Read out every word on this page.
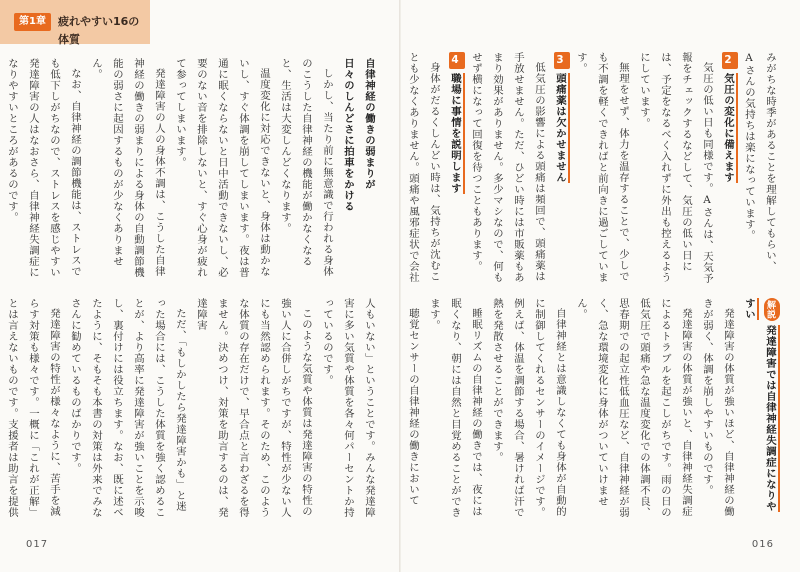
第1章	疲れやすい16の体質

自律神経の働きの弱まりが

日々のしんどさに拍車をかける

しかし、当たり前に無意識で行われる身体のこうした自律神経の機能が働かなくなると、生活は大変しんどくなります。

温度変化に対応できないと、身体は動かないし、すぐ体調を崩してしまいます。夜は普通に眠くならないと日中活動できないし、必要のない音を排除しないと、すぐ心身が疲れて参ってしまいます。

発達障害の人の身体不調は、こうした自律神経の働きの弱まりによる身体の自動調節機能の弱さに起因するものが少なくありません。

なお、自律神経の調節機能は、ストレスでも低下しがちなので、ストレスを感じやすい発達障害の人はなおさら、自律神経失調症になりやすいところがあるのです。

人もいない」ということです。みんな発達障害に多い気質や体質を各々何パーセントか持っているのです。

このような気質や体質は発達障害の特性の強い人に合併しがちですが、特性が少ない人にも当然認められます。そのため、このような体質の存在だけで、早合点と言わざるを得ません。決めつけ、対策を助言するのは、発達障害

ただ、「もしかしたら発達障害かも」と迷った場合には、こうした体質を強く認めることが、より高率に発達障害が強いことを示唆し、裏付けには役立ちます。なお、既に述べたように、そもそも本書の対策は外来でみなさんに勧めているものばかりです。

発達障害の特性が様々なように、苦手を減らす対策も様々です。一概に「これが正解」とは言えないものです。支援者は助言を提供

017

みがちな時季があることを理解してもらい、Aさんの気持ちは楽になっています。

2気圧の変化に備えます

気圧の低い日も同様です。Aさんは、天気予報をチェックするなどして、気圧の低い日には、予定をなるべく入れずに外出も控えるようにしています。

無理をせず、体力を温存することで、少しでも不調を軽くできればと前向きに過ごしています。

3頭痛薬は欠かせません

低気圧の影響による頭痛は頻回で、頭痛薬は手放せません。ただ、ひどい時には市販薬もあまり効果がありません。多少マシなので、何もせず横になって回復を待つこともあります。

4職場に事情を説明します

身体がだるくしんどい時は、気持ちが沈むことも少なくありません。頭痛や風邪症状で会社

解説発達障害では自律神経失調症になりやすい

発達障害の体質が強いほど、自律神経の働きが弱く、体調を崩しやすいものです。

発達障害の体質が強いと、自律神経失調症によるトラブルを起こしがちです。雨の日の低気圧で頭痛や急な温度変化での体調不良、思春期での起立性低血圧など、自律神経が弱く、急な環境変化に身体がついていけません。

自律神経とは意識しなくても身体が自動的に制御してくれるセンサーのイメージです。例えば、体温を調節する場合、暑ければ汗で熱を発散させることができます。

睡眠リズムの自律神経の働きでは、夜には眠くなり、朝には自然と目覚めることができます。

聴覚センサーの自律神経の働きにおいて

016
